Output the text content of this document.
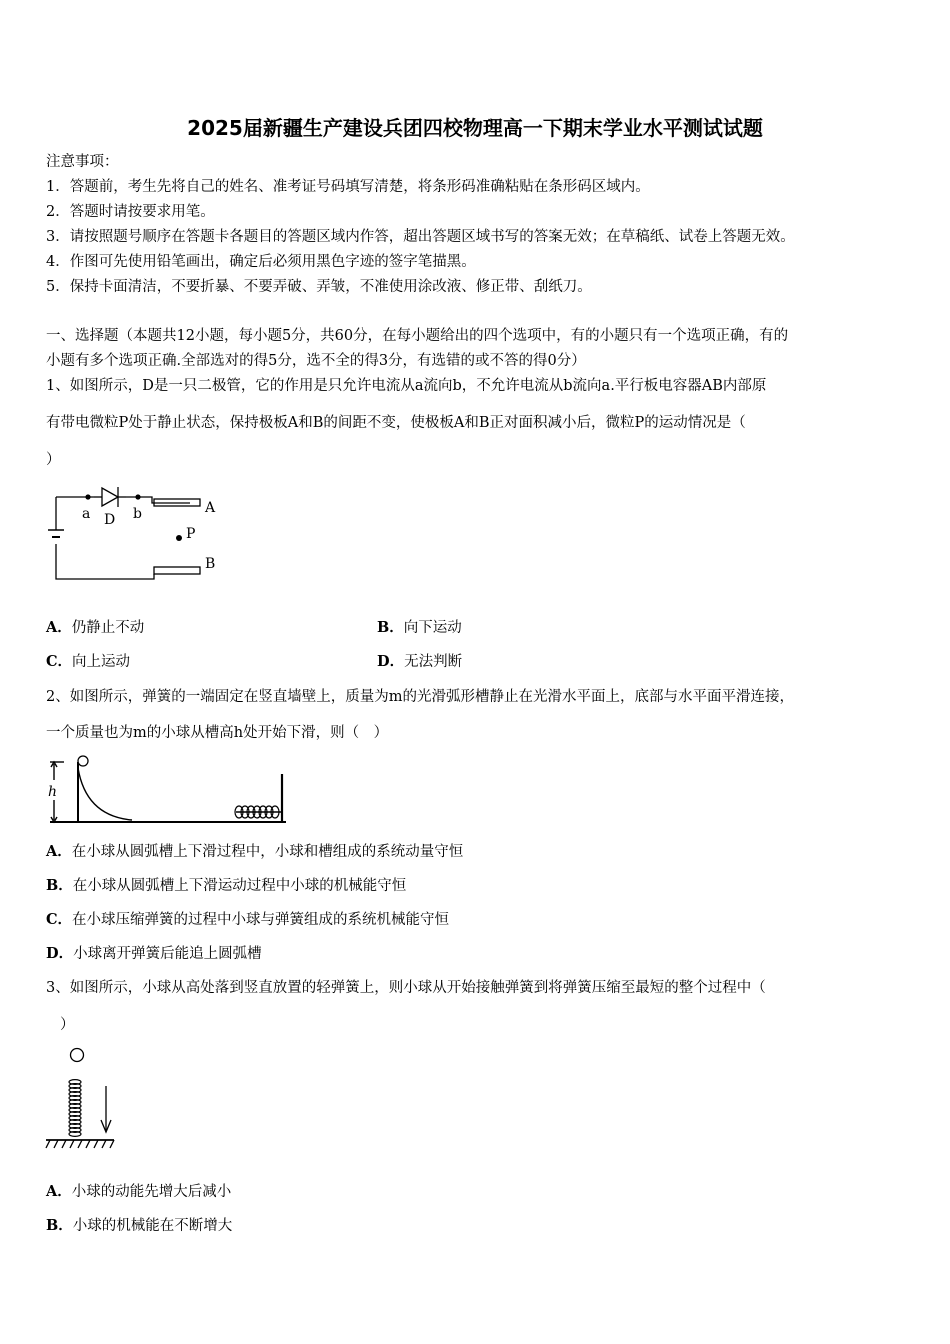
2025届新疆生产建设兵团四校物理高一下期末学业水平测试试题
注意事项：
1．答题前，考生先将自己的姓名、准考证号码填写清楚，将条形码准确粘贴在条形码区域内。
2．答题时请按要求用笔。
3．请按照题号顺序在答题卡各题目的答题区域内作答，超出答题区域书写的答案无效；在草稿纸、试卷上答题无效。
4．作图可先使用铅笔画出，确定后必须用黑色字迹的签字笔描黑。
5．保持卡面清洁，不要折暴、不要弄破、弄皱，不准使用涂改液、修正带、刮纸刀。
一、选择题（本题共12小题，每小题5分，共60分，在每小题给出的四个选项中，有的小题只有一个选项正确，有的
小题有多个选项正确.全部选对的得5分，选不全的得3分，有选错的或不答的得0分）
1、如图所示，D是一只二极管，它的作用是只允许电流从a流向b，不允许电流从b流向a.平行板电容器AB内部原
有带电微粒P处于静止状态，保持极板A和B的间距不变，使极板A和B正对面积减小后，微粒P的运动情况是（
）
a D b	A
P
B
A．仍静止不动	B．向下运动
C．向上运动	D．无法判断
2、如图所示，弹簧的一端固定在竖直墙壁上，质量为m的光滑弧形槽静止在光滑水平面上，底部与水平面平滑连接，
一个质量也为m的小球从槽高h处开始下滑，则（　）
h
A．在小球从圆弧槽上下滑过程中，小球和槽组成的系统动量守恒
B．在小球从圆弧槽上下滑运动过程中小球的机械能守恒
C．在小球压缩弹簧的过程中小球与弹簧组成的系统机械能守恒
D．小球离开弹簧后能追上圆弧槽
3、如图所示，小球从高处落到竖直放置的轻弹簧上，则小球从开始接触弹簧到将弹簧压缩至最短的整个过程中（
）
A．小球的动能先增大后减小
B．小球的机械能在不断增大
